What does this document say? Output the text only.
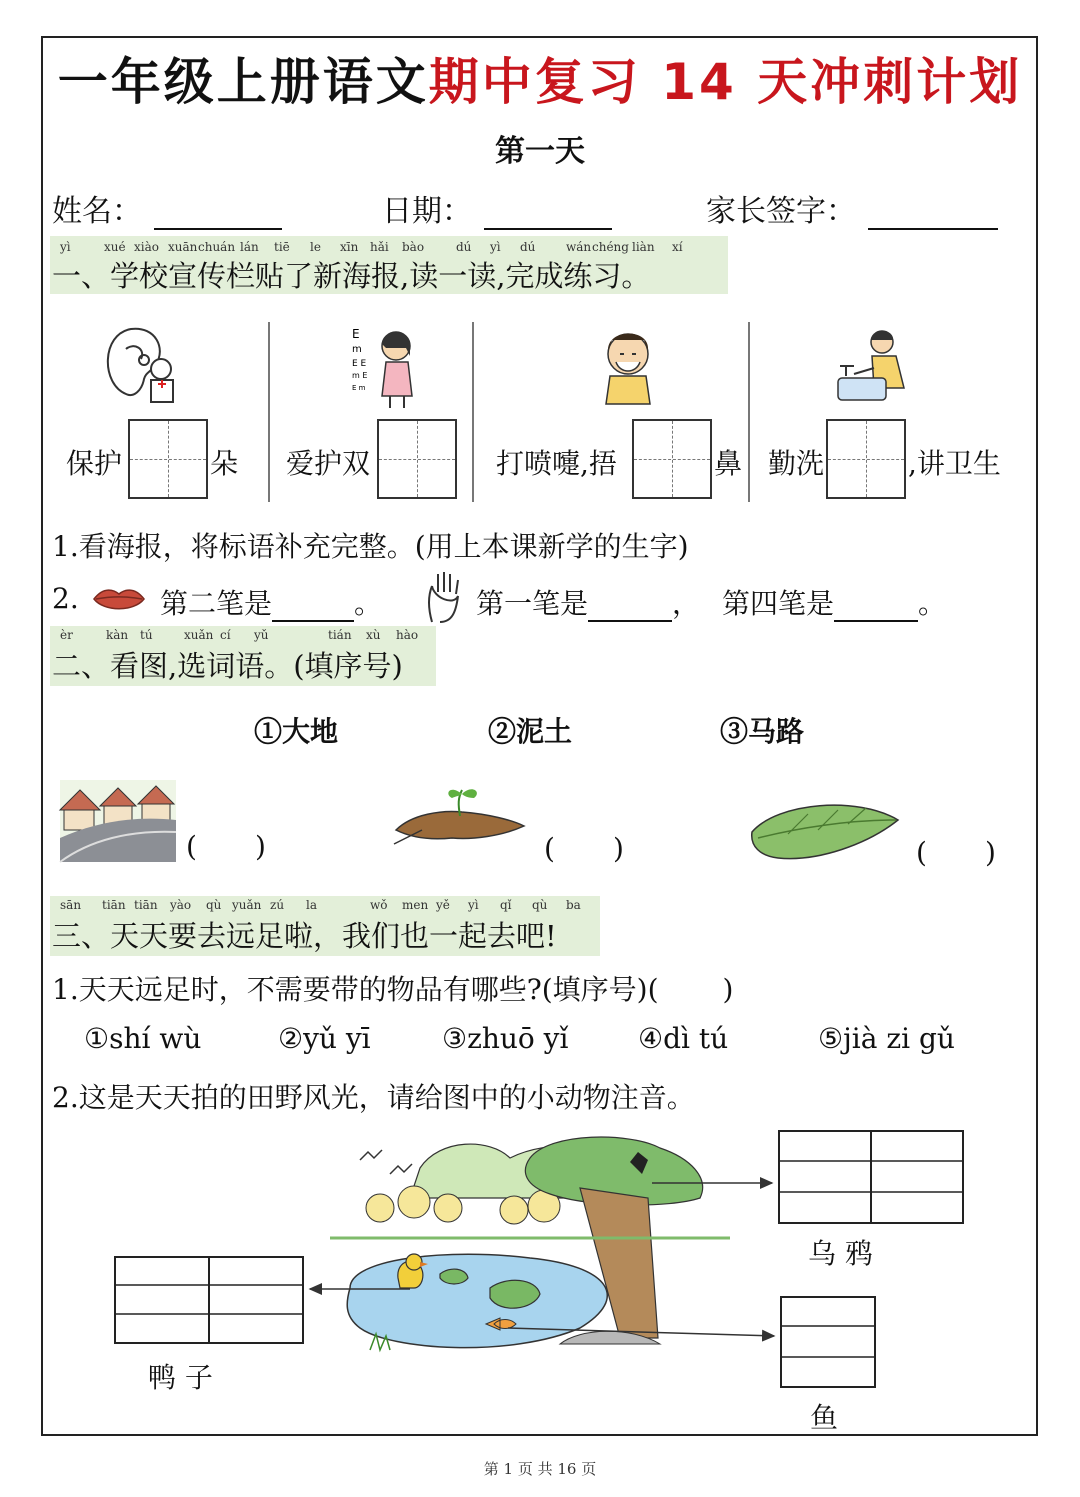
一年级上册语文期中复习 14 天冲刺计划
第一天
姓名：	日期：	家长签字：
yì	xué xiào xuān chuán lán tiē le xīn hǎi bào	dú yì dú	wán chéng liàn xí
一、学校宣传栏贴了新海报,读一读,完成练习。
E
m
E E
m E
E m
保护	朵 爱护双	打喷嚏,捂	鼻 勤洗	,讲卫生
1.看海报，将标语补充完整。(用上本课新学的生字)
2.	第二笔是	。	第一笔是	， 第四笔是	。
èr	kàn tú	xuǎn cí yǔ	tián xù hào
二、看图,选词语。(填序号)
①大地	②泥土	③马路
( )	( )	( )
sān tiān tiān yào qù yuǎn zú la	wǒ men yě yì qǐ qù ba
三、天天要去远足啦，我们也一起去吧!
1.天天远足时，不需要带的物品有哪些?(填序号)( )
①shí wù	②yǔ yī	③zhuō yǐ ④dì tú	⑤jià zi gǔ
2.这是天天拍的田野风光，请给图中的小动物注音。
乌 鸦
鸭 子
鱼
第 1 页 共 16 页
